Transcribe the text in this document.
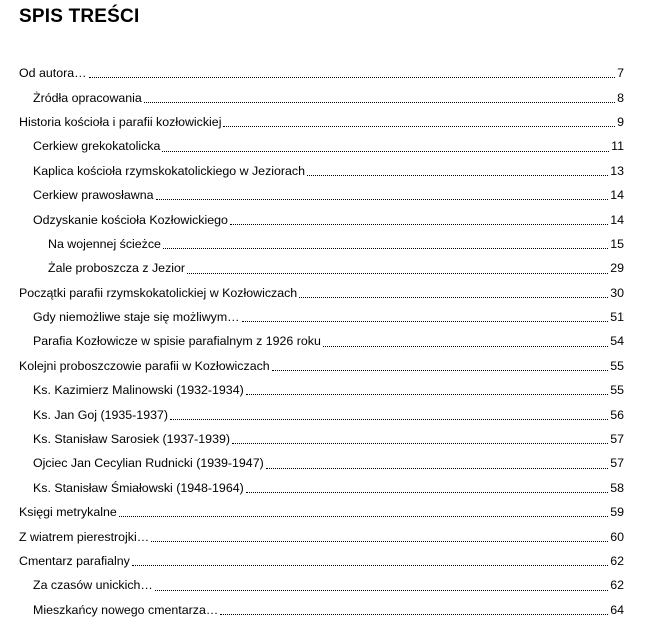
SPIS TREŚCI
Od autora…	7
Żródła opracowania	8
Historia kościoła i parafii kozłowickiej	9
Cerkiew grekokatolicka	11
Kaplica kościoła rzymskokatolickiego w Jeziorach	13
Cerkiew prawosławna	14
Odzyskanie kościoła Kozłowickiego	14
Na wojennej ścieżce	15
Żale proboszcza z Jezior	29
Początki parafii rzymskokatolickiej w Kozłowiczach	30
Gdy niemożliwe staje się możliwym…	51
Parafia Kozłowicze w spisie parafialnym z 1926 roku	54
Kolejni proboszczowie parafii w Kozłowiczach	55
Ks. Kazimierz Malinowski (1932-1934)	55
Ks. Jan Goj (1935-1937)	56
Ks. Stanisław Sarosiek (1937-1939)	57
Ojciec Jan Cecylian Rudnicki (1939-1947)	57
Ks. Stanisław Śmiałowski (1948-1964)	58
Księgi metrykalne	59
Z wiatrem pierestrojki…	60
Cmentarz parafialny	62
Za czasów unickich…	62
Mieszkańcy nowego cmentarza…	64
